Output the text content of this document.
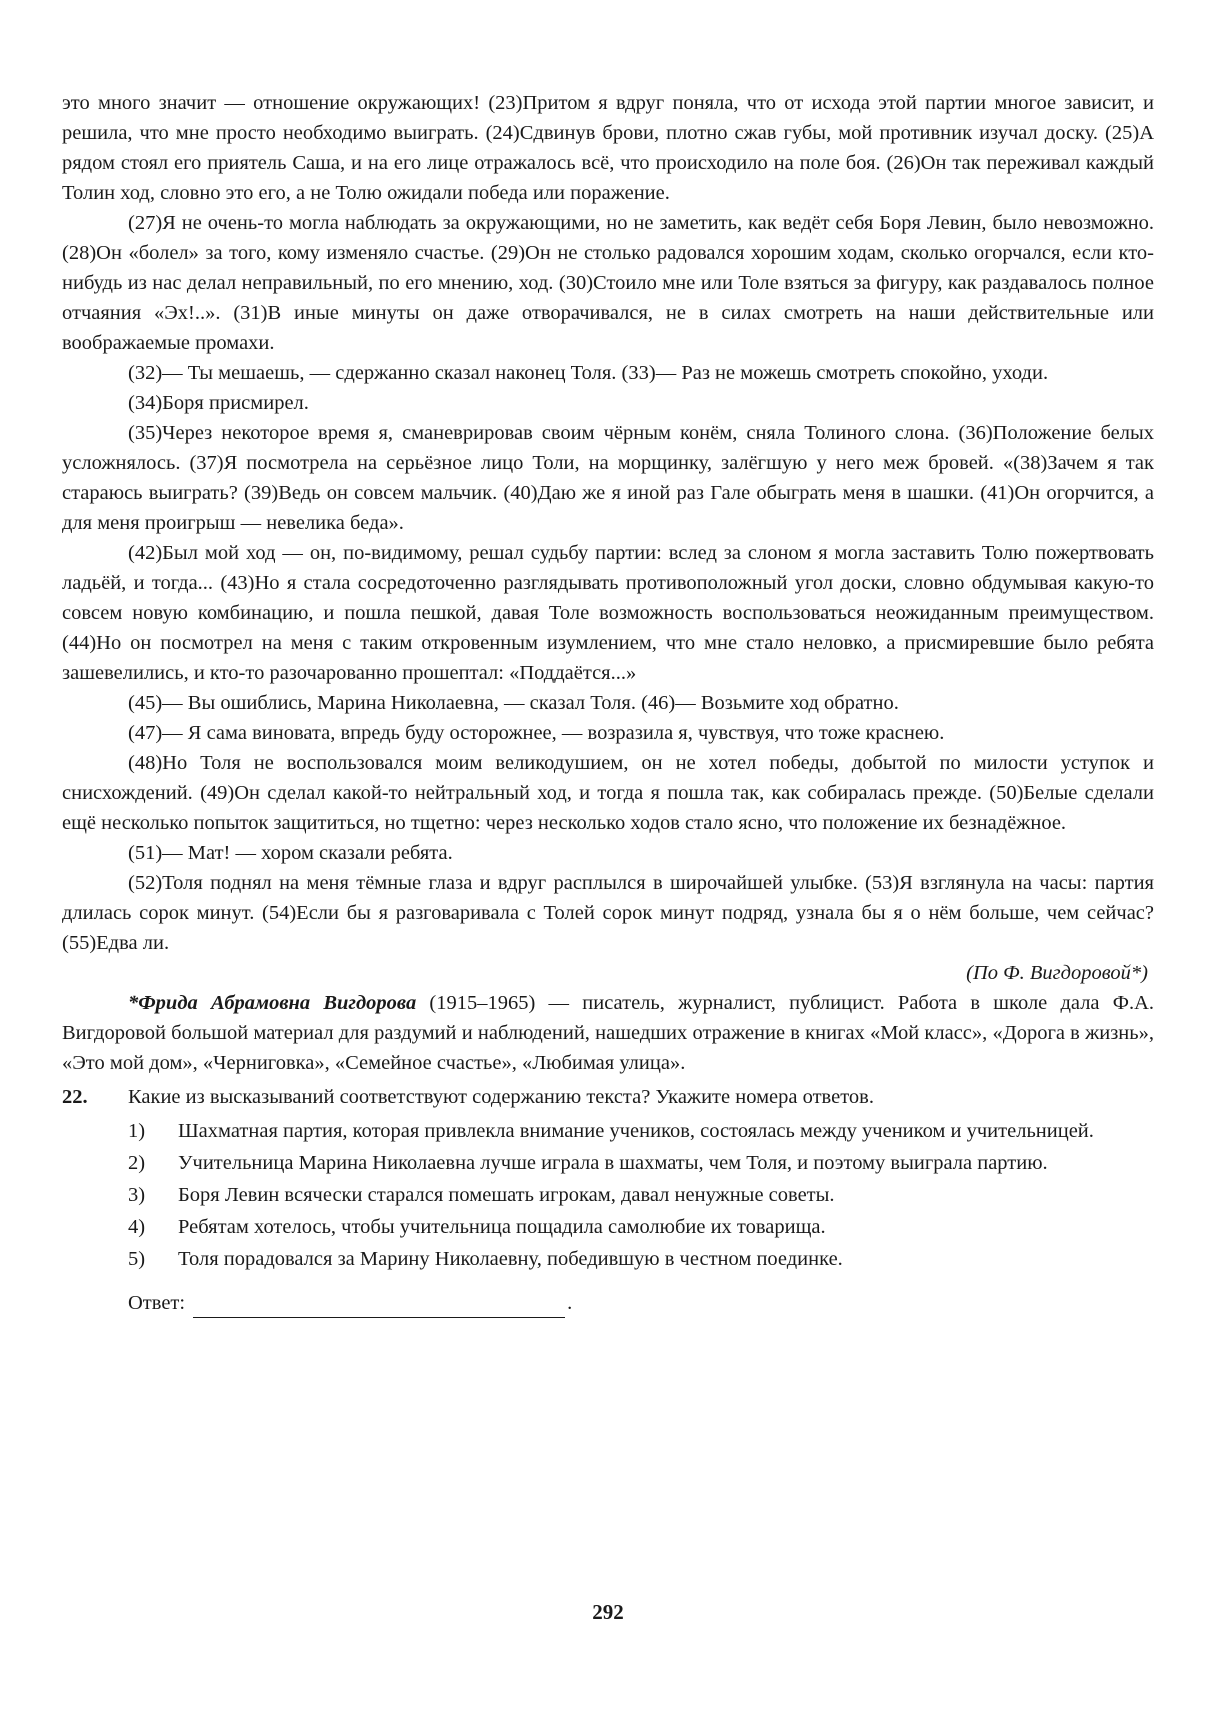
это много значит — отношение окружающих! (23)Притом я вдруг поняла, что от исхода этой партии многое зависит, и решила, что мне просто необходимо выиграть. (24)Сдвинув брови, плотно сжав губы, мой противник изучал доску. (25)А рядом стоял его приятель Саша, и на его лице отражалось всё, что происходило на поле боя. (26)Он так переживал каждый Толин ход, словно это его, а не Толю ожидали победа или поражение.

(27)Я не очень-то могла наблюдать за окружающими, но не заметить, как ведёт себя Боря Левин, было невозможно. (28)Он «болел» за того, кому изменяло счастье. (29)Он не столько радовался хорошим ходам, сколько огорчался, если кто-нибудь из нас делал неправильный, по его мнению, ход. (30)Стоило мне или Толе взяться за фигуру, как раздавалось полное отчаяния «Эх!..». (31)В иные минуты он даже отворачивался, не в силах смотреть на наши действительные или воображаемые промахи.

(32)— Ты мешаешь, — сдержанно сказал наконец Толя. (33)— Раз не можешь смотреть спокойно, уходи.

(34)Боря присмирел.

(35)Через некоторое время я, сманеврировав своим чёрным конём, сняла Толиного слона. (36)Положение белых усложнялось. (37)Я посмотрела на серьёзное лицо Толи, на морщинку, залёгшую у него меж бровей. «(38)Зачем я так стараюсь выиграть? (39)Ведь он совсем мальчик. (40)Даю же я иной раз Гале обыграть меня в шашки. (41)Он огорчится, а для меня проигрыш — невелика беда».

(42)Был мой ход — он, по-видимому, решал судьбу партии: вслед за слоном я могла заставить Толю пожертвовать ладьёй, и тогда... (43)Но я стала сосредоточенно разглядывать противоположный угол доски, словно обдумывая какую-то совсем новую комбинацию, и пошла пешкой, давая Толе возможность воспользоваться неожиданным преимуществом. (44)Но он посмотрел на меня с таким откровенным изумлением, что мне стало неловко, а присмиревшие было ребята зашевелились, и кто-то разочарованно прошептал: «Поддаётся...»

(45)— Вы ошиблись, Марина Николаевна, — сказал Толя. (46)— Возьмите ход обратно.

(47)— Я сама виновата, впредь буду осторожнее, — возразила я, чувствуя, что тоже краснею.

(48)Но Толя не воспользовался моим великодушием, он не хотел победы, добытой по милости уступок и снисхождений. (49)Он сделал какой-то нейтральный ход, и тогда я пошла так, как собиралась прежде. (50)Белые сделали ещё несколько попыток защититься, но тщетно: через несколько ходов стало ясно, что положение их безнадёжное.

(51)— Мат! — хором сказали ребята.

(52)Толя поднял на меня тёмные глаза и вдруг расплылся в широчайшей улыбке. (53)Я взглянула на часы: партия длилась сорок минут. (54)Если бы я разговаривала с Толей сорок минут подряд, узнала бы я о нём больше, чем сейчас? (55)Едва ли.

(По Ф. Вигдоровой*)

*Фрида Абрамовна Вигдорова (1915–1965) — писатель, журналист, публицист. Работа в школе дала Ф.А. Вигдоровой большой материал для раздумий и наблюдений, нашедших отражение в книгах «Мой класс», «Дорога в жизнь», «Это мой дом», «Черниговка», «Семейное счастье», «Любимая улица».

22. Какие из высказываний соответствуют содержанию текста? Укажите номера ответов.

1) Шахматная партия, которая привлекла внимание учеников, состоялась между учеником и учительницей.
2) Учительница Марина Николаевна лучше играла в шахматы, чем Толя, и поэтому выиграла партию.
3) Боря Левин всячески старался помешать игрокам, давал ненужные советы.
4) Ребятам хотелось, чтобы учительница пощадила самолюбие их товарища.
5) Толя порадовался за Марину Николаевну, победившую в честном поединке.
Ответ:	.
292
